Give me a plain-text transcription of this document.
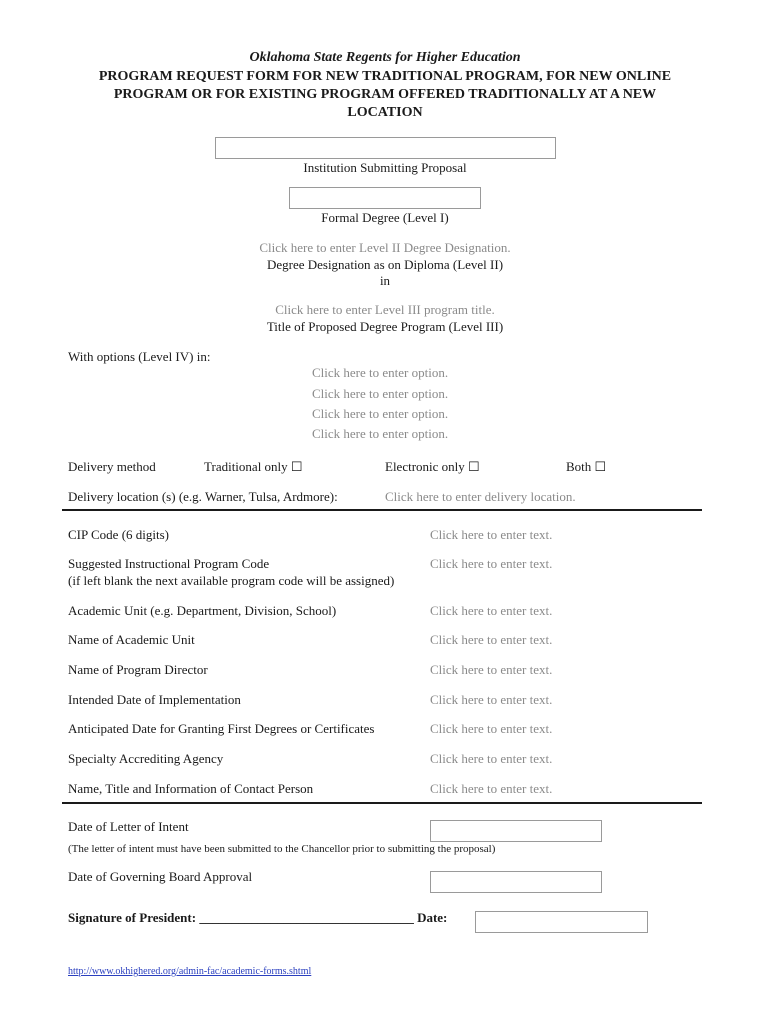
Oklahoma State Regents for Higher Education
PROGRAM REQUEST FORM FOR NEW TRADITIONAL PROGRAM, FOR NEW ONLINE
PROGRAM OR FOR EXISTING PROGRAM OFFERED TRADITIONALLY AT A NEW
LOCATION
Institution Submitting Proposal
Formal Degree (Level I)
Click here to enter Level II Degree Designation.
Degree Designation as on Diploma (Level II)
in
Click here to enter Level III program title.
Title of Proposed Degree Program (Level III)
With options (Level IV) in:
Click here to enter option.
Click here to enter option.
Click here to enter option.
Click here to enter option.
Delivery method	Traditional only ☐	Electronic only ☐	Both ☐
Delivery location (s) (e.g. Warner, Tulsa, Ardmore):	Click here to enter delivery location.
CIP Code (6 digits)	Click here to enter text.
Suggested Instructional Program Code
(if left blank the next available program code will be assigned)
Click here to enter text.
Academic Unit (e.g. Department, Division, School)	Click here to enter text.
Name of Academic Unit	Click here to enter text.
Name of Program Director	Click here to enter text.
Intended Date of Implementation	Click here to enter text.
Anticipated Date for Granting First Degrees or Certificates	Click here to enter text.
Specialty Accrediting Agency	Click here to enter text.
Name, Title and Information of Contact Person	Click here to enter text.
Date of Letter of Intent
(The letter of intent must have been submitted to the Chancellor prior to submitting the proposal)
Date of Governing Board Approval
Signature of President: _________________________________ Date:
http://www.okhighered.org/admin-fac/academic-forms.shtml
